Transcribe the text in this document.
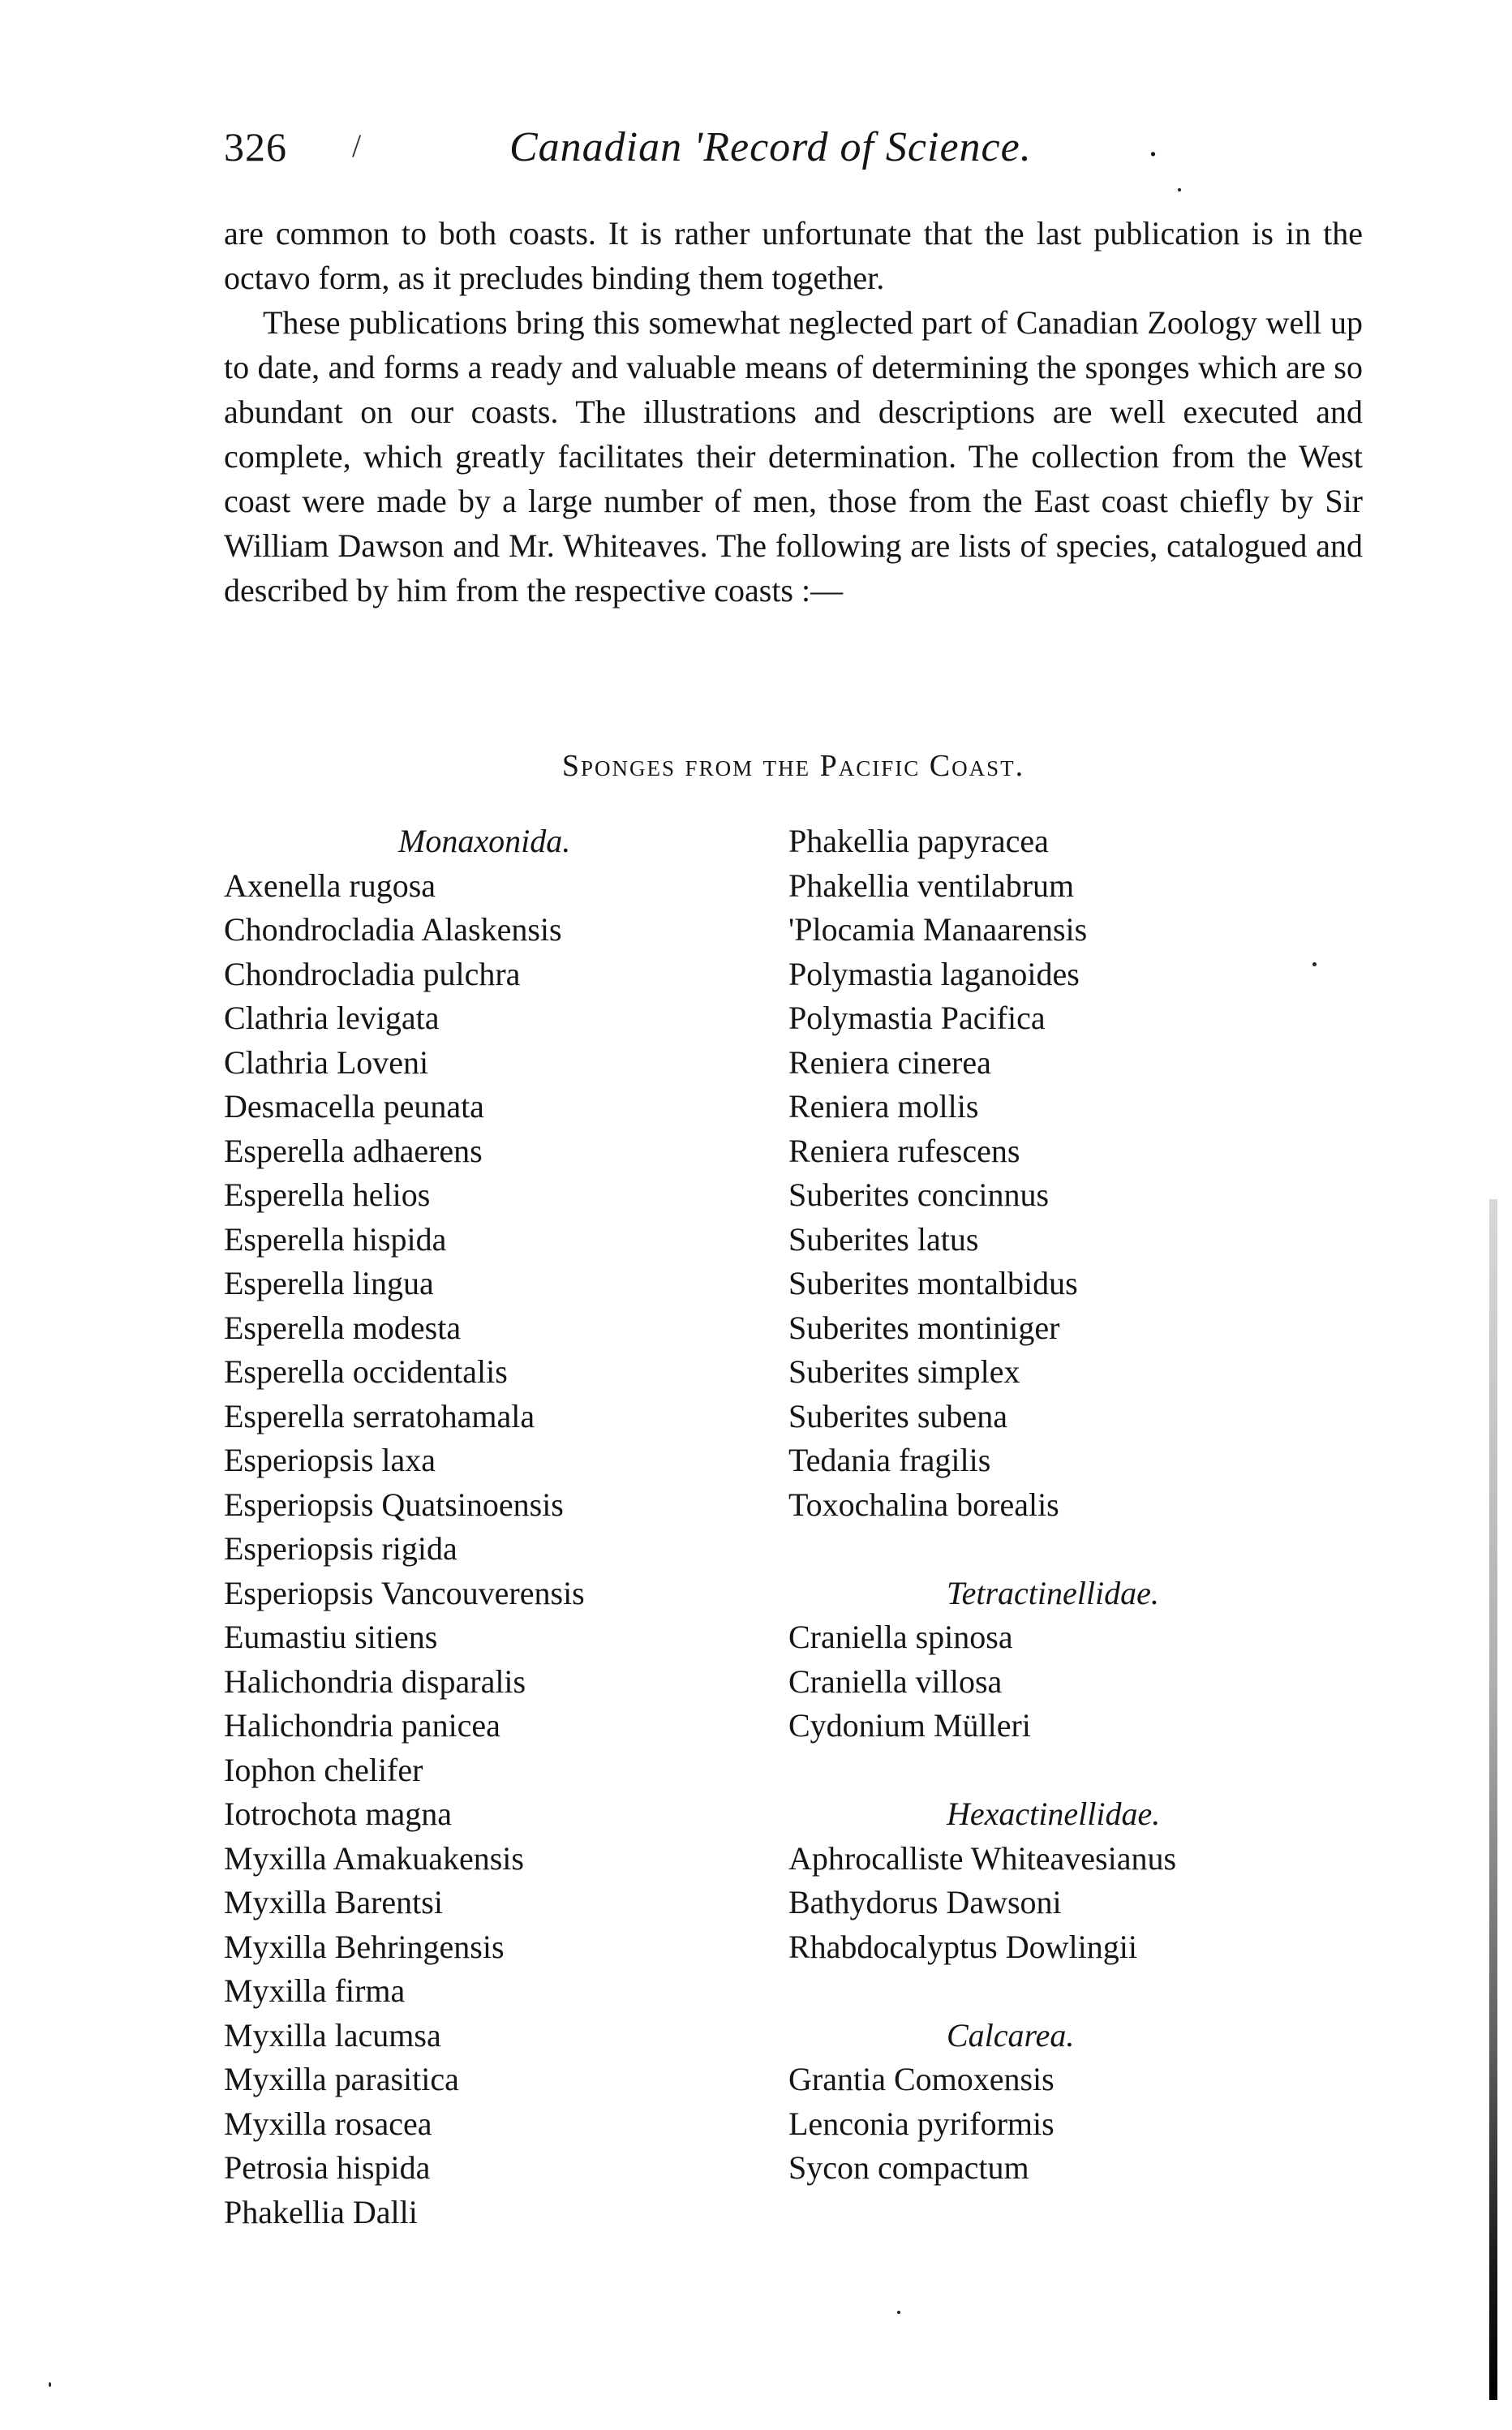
326 /	Canadian 'Record of Science.	.

are common to both coasts. It is rather unfortunate that the last publication is in the octavo form, as it precludes binding them together.

These publications bring this somewhat neglected part of Canadian Zoology well up to date, and forms a ready and valuable means of determining the sponges which are so abundant on our coasts. The illustrations and descriptions are well executed and complete, which greatly facilitates their determination. The collection from the West coast were made by a large number of men, those from the East coast chiefly by Sir William Dawson and Mr. Whiteaves. The following are lists of species, catalogued and described by him from the respective coasts :—

Sponges from the Pacific Coast.

Monaxonida.

Axenella rugosa
Chondrocladia Alaskensis
Chondrocladia pulchra
Clathria levigata
Clathria Loveni
Desmacella peunata
Esperella adhaerens
Esperella helios
Esperella hispida
Esperella lingua
Esperella modesta
Esperella occidentalis
Esperella serratohamala
Esperiopsis laxa
Esperiopsis Quatsinoensis
Esperiopsis rigida
Esperiopsis Vancouverensis
Eumastiu sitiens
Halichondria disparalis
Halichondria panicea
Iophon chelifer
Iotrochota magna
Myxilla Amakuakensis
Myxilla Barentsi
Myxilla Behringensis
Myxilla firma
Myxilla lacumsa
Myxilla parasitica
Myxilla rosacea
Petrosia hispida
Phakellia Dalli
Phakellia papyracea
Phakellia ventilabrum
'Plocamia Manaarensis
Polymastia laganoides
Polymastia Pacifica
Reniera cinerea
Reniera mollis
Reniera rufescens
Suberites concinnus
Suberites latus
Suberites montalbidus
Suberites montiniger
Suberites simplex
Suberites subena
Tedania fragilis
Toxochalina borealis

Tetractinellidae.

Craniella spinosa
Craniella villosa
Cydonium Mülleri

Hexactinellidae.

Aphrocalliste Whiteavesianus
Bathydorus Dawsoni
Rhabdocalyptus Dowlingii

Calcarea.

Grantia Comoxensis
Lenconia pyriformis
Sycon compactum
